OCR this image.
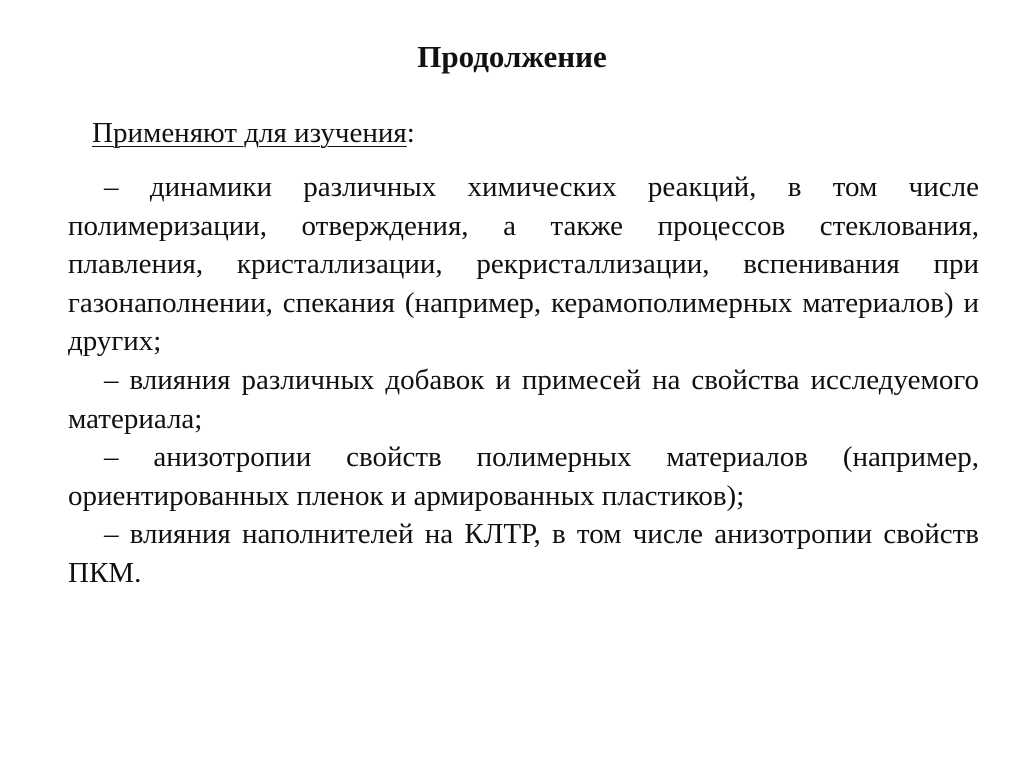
Продолжение
Применяют для изучения:

– динамики различных химических реакций, в том числе полимеризации, отверждения, а также процессов стеклования, плавления, кристаллизации, рекристаллизации, вспенивания при газонаполнении, спекания (например, керамополимерных материалов) и других;

– влияния различных добавок и примесей на свойства исследуемого материала;

– анизотропии свойств полимерных материалов (например, ориентированных пленок и армированных пластиков);

– влияния наполнителей на КЛТР, в том числе анизотропии свойств ПКМ.
